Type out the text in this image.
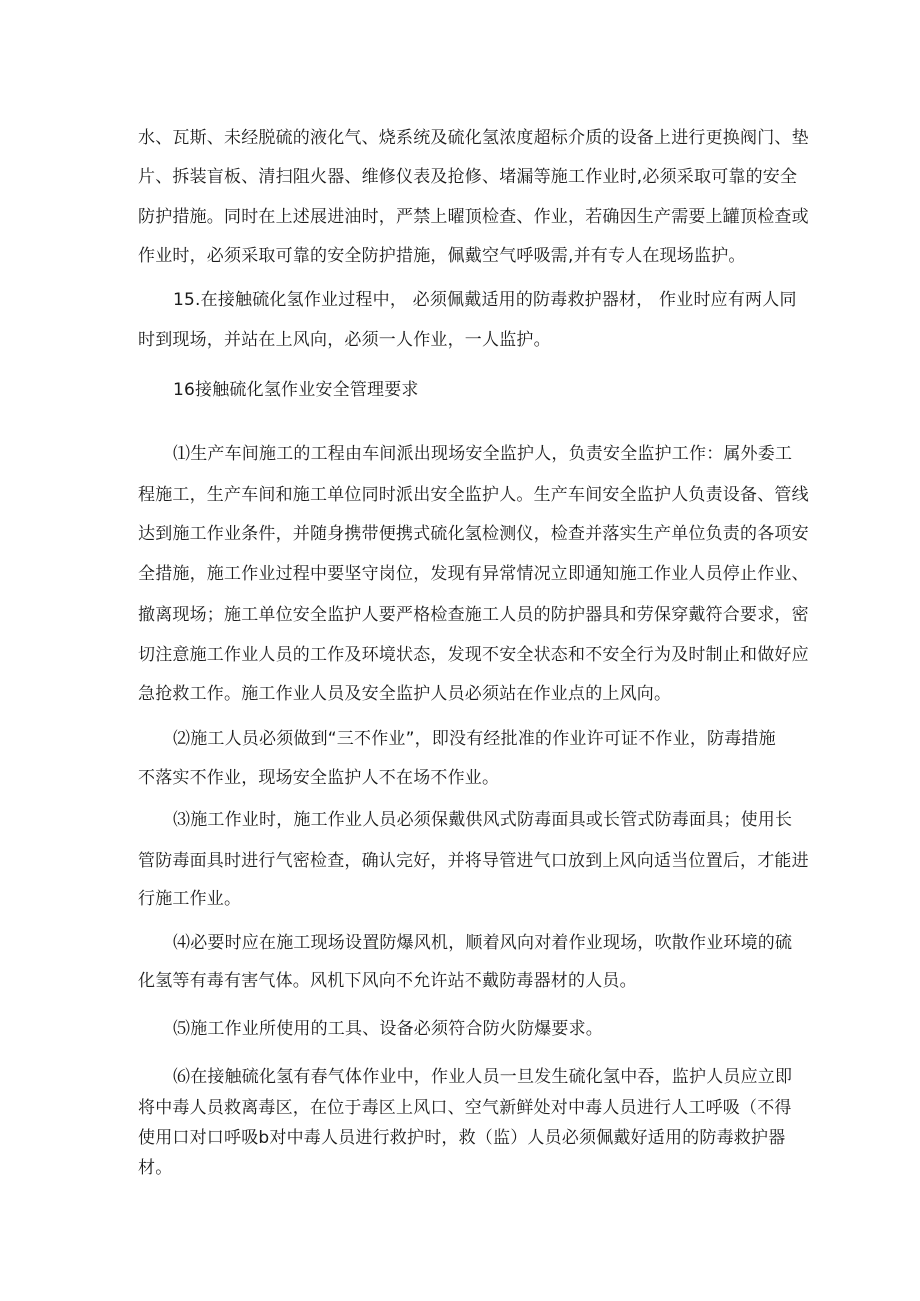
水、瓦斯、未经脱硫的液化气、烧系统及硫化氢浓度超标介质的设备上进行更换阀门、垫
片、拆装盲板、清扫阻火器、维修仪表及抢修、堵漏等施工作业时,必须采取可靠的安全
防护措施。同时在上述展进油时，严禁上曜顶检查、作业，若确因生产需要上罐顶检查或
作业时，必须采取可靠的安全防护措施，佩戴空气呼吸需,并有专人在现场监护。
15.在接触硫化氢作业过程中， 必须佩戴适用的防毒救护器材， 作业时应有两人同
时到现场，并站在上风向，必须一人作业，一人监护。
16接触硫化氢作业安全管理要求
⑴生产车间施工的工程由车间派出现场安全监护人，负责安全监护工作：属外委工
程施工，生产车间和施工单位同时派出安全监护人。生产车间安全监护人负责设备、管线
达到施工作业条件，并随身携带便携式硫化氢检测仪，检查并落实生产单位负责的各项安
全措施，施工作业过程中要坚守岗位，发现有异常情况立即通知施工作业人员停止作业、
撤离现场；施工单位安全监护人要严格检查施工人员的防护器具和劳保穿戴符合要求，密
切注意施工作业人员的工作及环境状态，发现不安全状态和不安全行为及时制止和做好应
急抢救工作。施工作业人员及安全监护人员必须站在作业点的上风向。
⑵施工人员必须做到“三不作业”，即没有经批准的作业许可证不作业，防毒措施
不落实不作业，现场安全监护人不在场不作业。
⑶施工作业时，施工作业人员必须保戴供风式防毒面具或长管式防毒面具；使用长
管防毒面具时进行气密检查，确认完好，并将导管进气口放到上风向适当位置后，才能进
行施工作业。
⑷必要时应在施工现场设置防爆风机，顺着风向对着作业现场，吹散作业环境的硫
化氢等有毒有害气体。风机下风向不允许站不戴防毒器材的人员。
⑸施工作业所使用的工具、设备必须符合防火防爆要求。
⑹在接触硫化氢有春气体作业中，作业人员一旦发生硫化氢中吞，监护人员应立即
将中毒人员救离毒区，在位于毒区上风口、空气新鲜处对中毒人员进行人工呼吸（不得
使用口对口呼吸b对中毒人员进行救护时，救（监）人员必须佩戴好适用的防毒救护器
材。
